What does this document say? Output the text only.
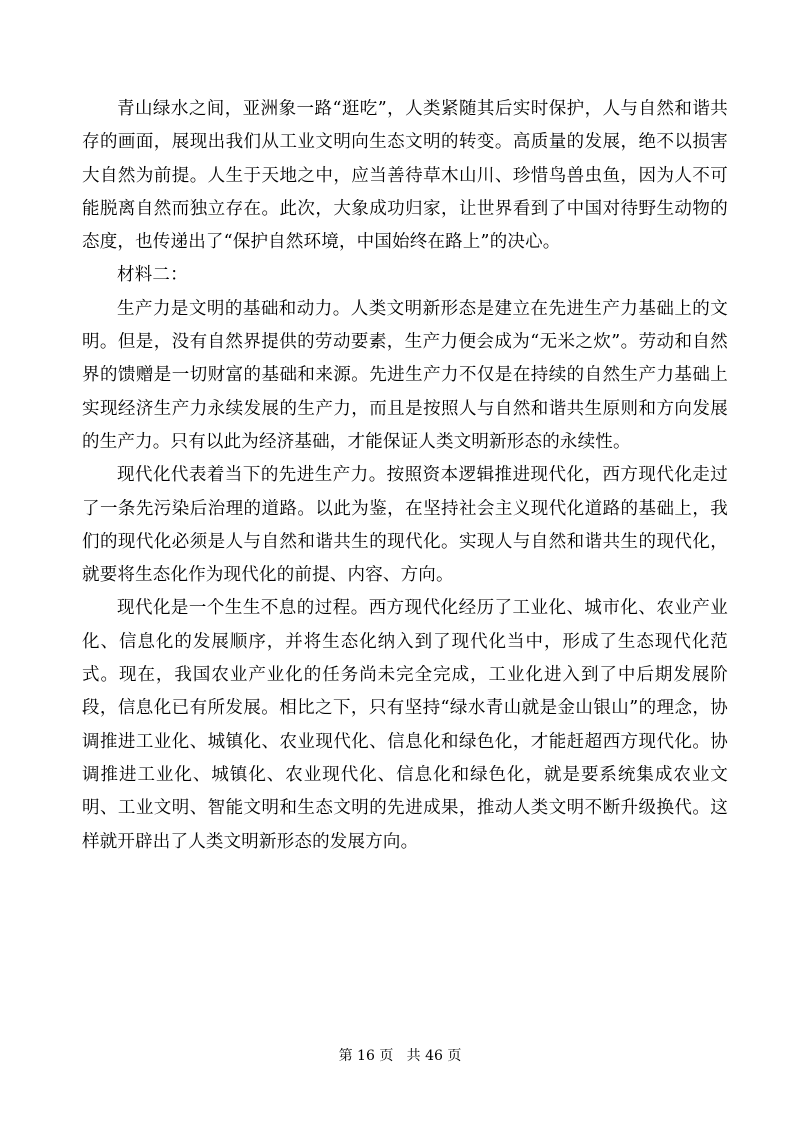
青山绿水之间，亚洲象一路“逛吃”，人类紧随其后实时保护，人与自然和谐共存的画面，展现出我们从工业文明向生态文明的转变。高质量的发展，绝不以损害大自然为前提。人生于天地之中，应当善待草木山川、珍惜鸟兽虫鱼，因为人不可能脱离自然而独立存在。此次，大象成功归家，让世界看到了中国对待野生动物的态度，也传递出了“保护自然环境，中国始终在路上”的决心。

材料二：

生产力是文明的基础和动力。人类文明新形态是建立在先进生产力基础上的文明。但是，没有自然界提供的劳动要素，生产力便会成为“无米之炊”。劳动和自然界的馈赠是一切财富的基础和来源。先进生产力不仅是在持续的自然生产力基础上实现经济生产力永续发展的生产力，而且是按照人与自然和谐共生原则和方向发展的生产力。只有以此为经济基础，才能保证人类文明新形态的永续性。

现代化代表着当下的先进生产力。按照资本逻辑推进现代化，西方现代化走过了一条先污染后治理的道路。以此为鉴，在坚持社会主义现代化道路的基础上，我们的现代化必须是人与自然和谐共生的现代化。实现人与自然和谐共生的现代化，就要将生态化作为现代化的前提、内容、方向。

现代化是一个生生不息的过程。西方现代化经历了工业化、城市化、农业产业化、信息化的发展顺序，并将生态化纳入到了现代化当中，形成了生态现代化范式。现在，我国农业产业化的任务尚未完全完成，工业化进入到了中后期发展阶段，信息化已有所发展。相比之下，只有坚持“绿水青山就是金山银山”的理念，协调推进工业化、城镇化、农业现代化、信息化和绿色化，才能赶超西方现代化。协调推进工业化、城镇化、农业现代化、信息化和绿色化，就是要系统集成农业文明、工业文明、智能文明和生态文明的先进成果，推动人类文明不断升级换代。这样就开辟出了人类文明新形态的发展方向。

第 16 页   共 46 页
